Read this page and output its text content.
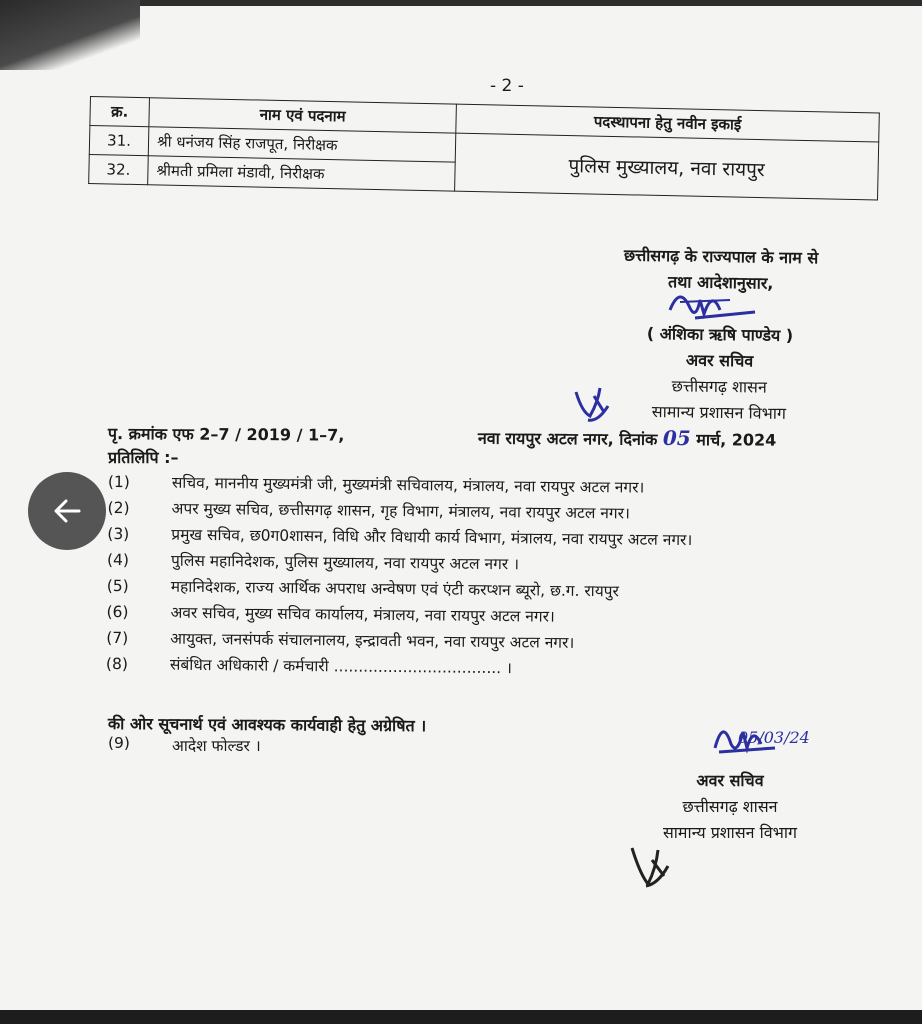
- 2 -
क्र.	नाम एवं पदनाम	पदस्थापना हेतु नवीन इकाई
31.	श्री धनंजय सिंह राजपूत, निरीक्षक	पुलिस मुख्यालय, नवा रायपुर
32.	श्रीमती प्रमिला मंडावी, निरीक्षक	
छत्तीसगढ़ के राज्यपाल के नाम से
तथा आदेशानुसार,
( अंशिका ऋषि पाण्डेय )
अवर सचिव
छत्तीसगढ़ शासन
सामान्य प्रशासन विभाग
पृ. क्रमांक एफ 2–7 / 2019 / 1–7,	नवा रायपुर अटल नगर, दिनांक 05 मार्च, 2024
प्रतिलिपि :–
(1)	सचिव, माननीय मुख्यमंत्री जी, मुख्यमंत्री सचिवालय, मंत्रालय, नवा रायपुर अटल नगर।
(2)	अपर मुख्य सचिव, छत्तीसगढ़ शासन, गृह विभाग, मंत्रालय, नवा रायपुर अटल नगर।
(3)	प्रमुख सचिव, छ0ग0शासन, विधि और विधायी कार्य विभाग, मंत्रालय, नवा रायपुर अटल नगर।
(4)	पुलिस महानिदेशक, पुलिस मुख्यालय, नवा रायपुर अटल नगर ।
(5)	महानिदेशक, राज्य आर्थिक अपराध अन्वेषण एवं एंटी करप्शन ब्यूरो, छ.ग. रायपुर
(6)	अवर सचिव, मुख्य सचिव कार्यालय, मंत्रालय, नवा रायपुर अटल नगर।
(7)	आयुक्त, जनसंपर्क संचालनालय, इन्द्रावती भवन, नवा रायपुर अटल नगर।
(8)	संबंधित अधिकारी / कर्मचारी .................................. ।
की ओर सूचनार्थ एवं आवश्यक कार्यवाही हेतु अग्रेषित ।
(9)	आदेश फोल्डर ।	05/03/24
अवर सचिव
छत्तीसगढ़ शासन
सामान्य प्रशासन विभाग
